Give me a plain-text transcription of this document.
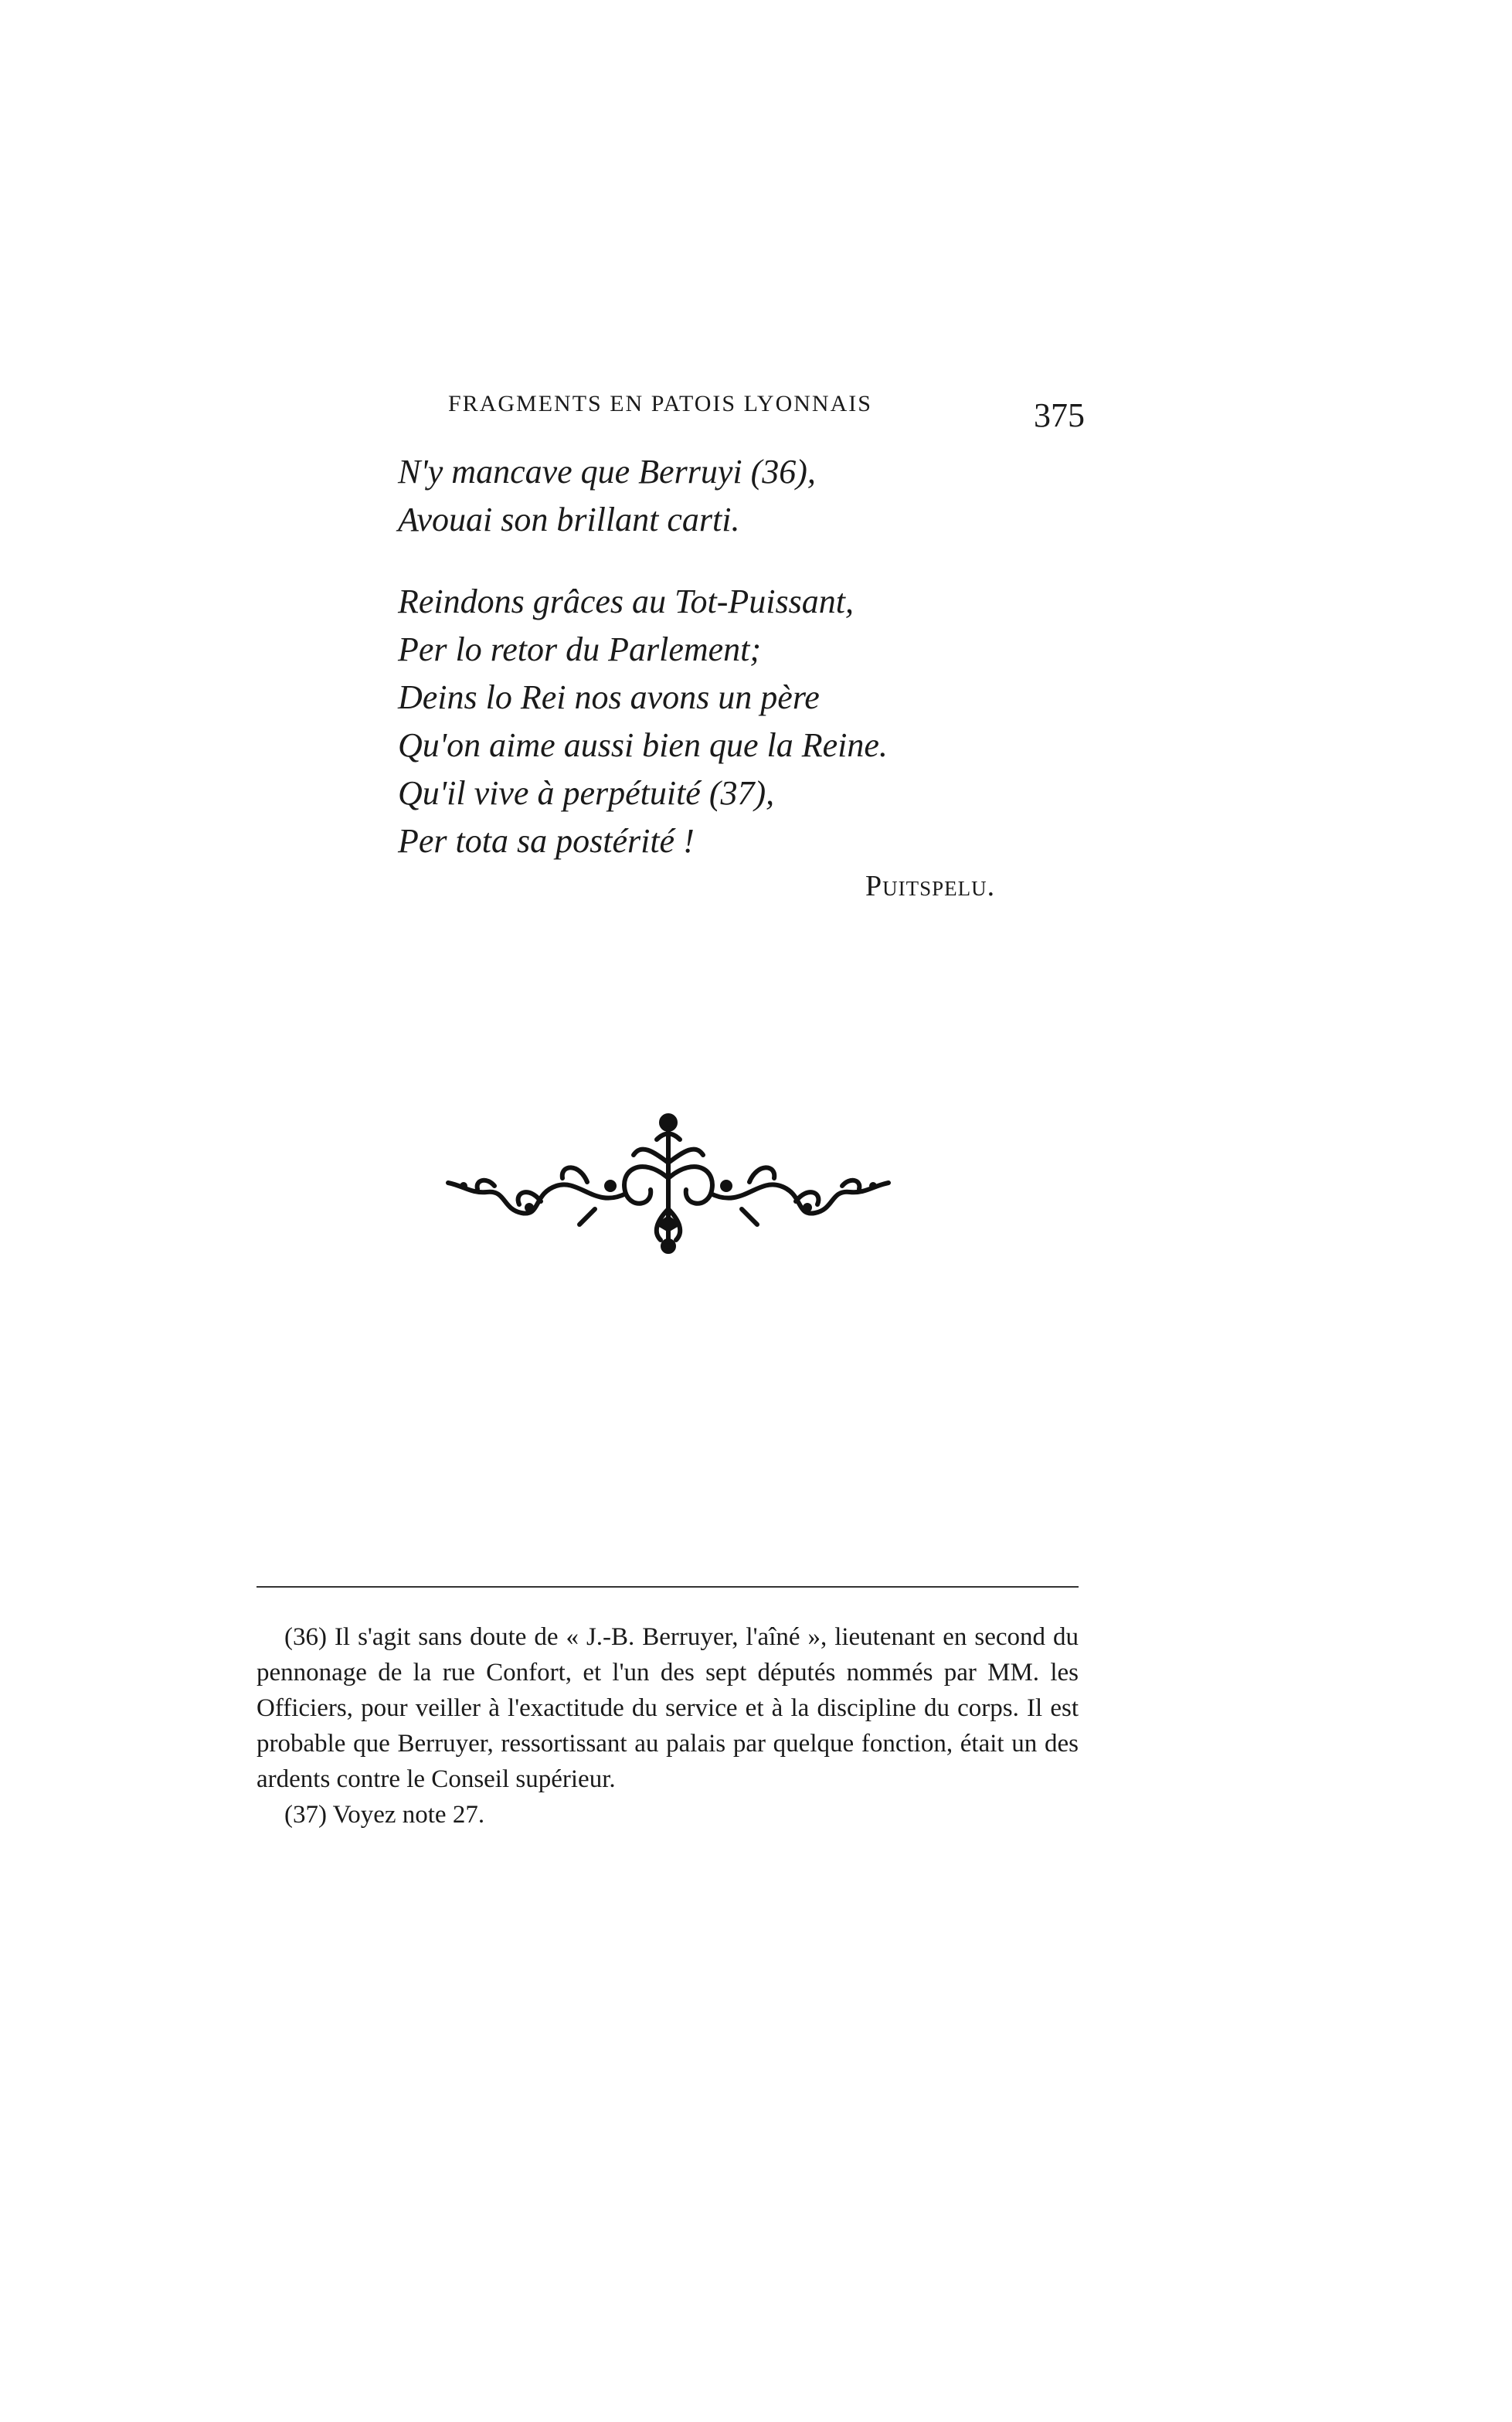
FRAGMENTS EN PATOIS LYONNAIS	375
N'y mancave que Berruyi (36),
Avouai son brillant carti.
Reindons grâces au Tot-Puissant,
Per lo retor du Parlement;
Deins lo Rei nos avons un père
Qu'on aime aussi bien que la Reine.
Qu'il vive à perpétuité (37),
Per tota sa postérité !
Puitspelu.

(36) Il s'agit sans doute de « J.-B. Berruyer, l'aîné », lieutenant en second du pennonage de la rue Confort, et l'un des sept députés nommés par MM. les Officiers, pour veiller à l'exactitude du service et à la discipline du corps. Il est probable que Berruyer, ressortissant au palais par quelque fonction, était un des ardents contre le Conseil supérieur.

(37) Voyez note 27.
